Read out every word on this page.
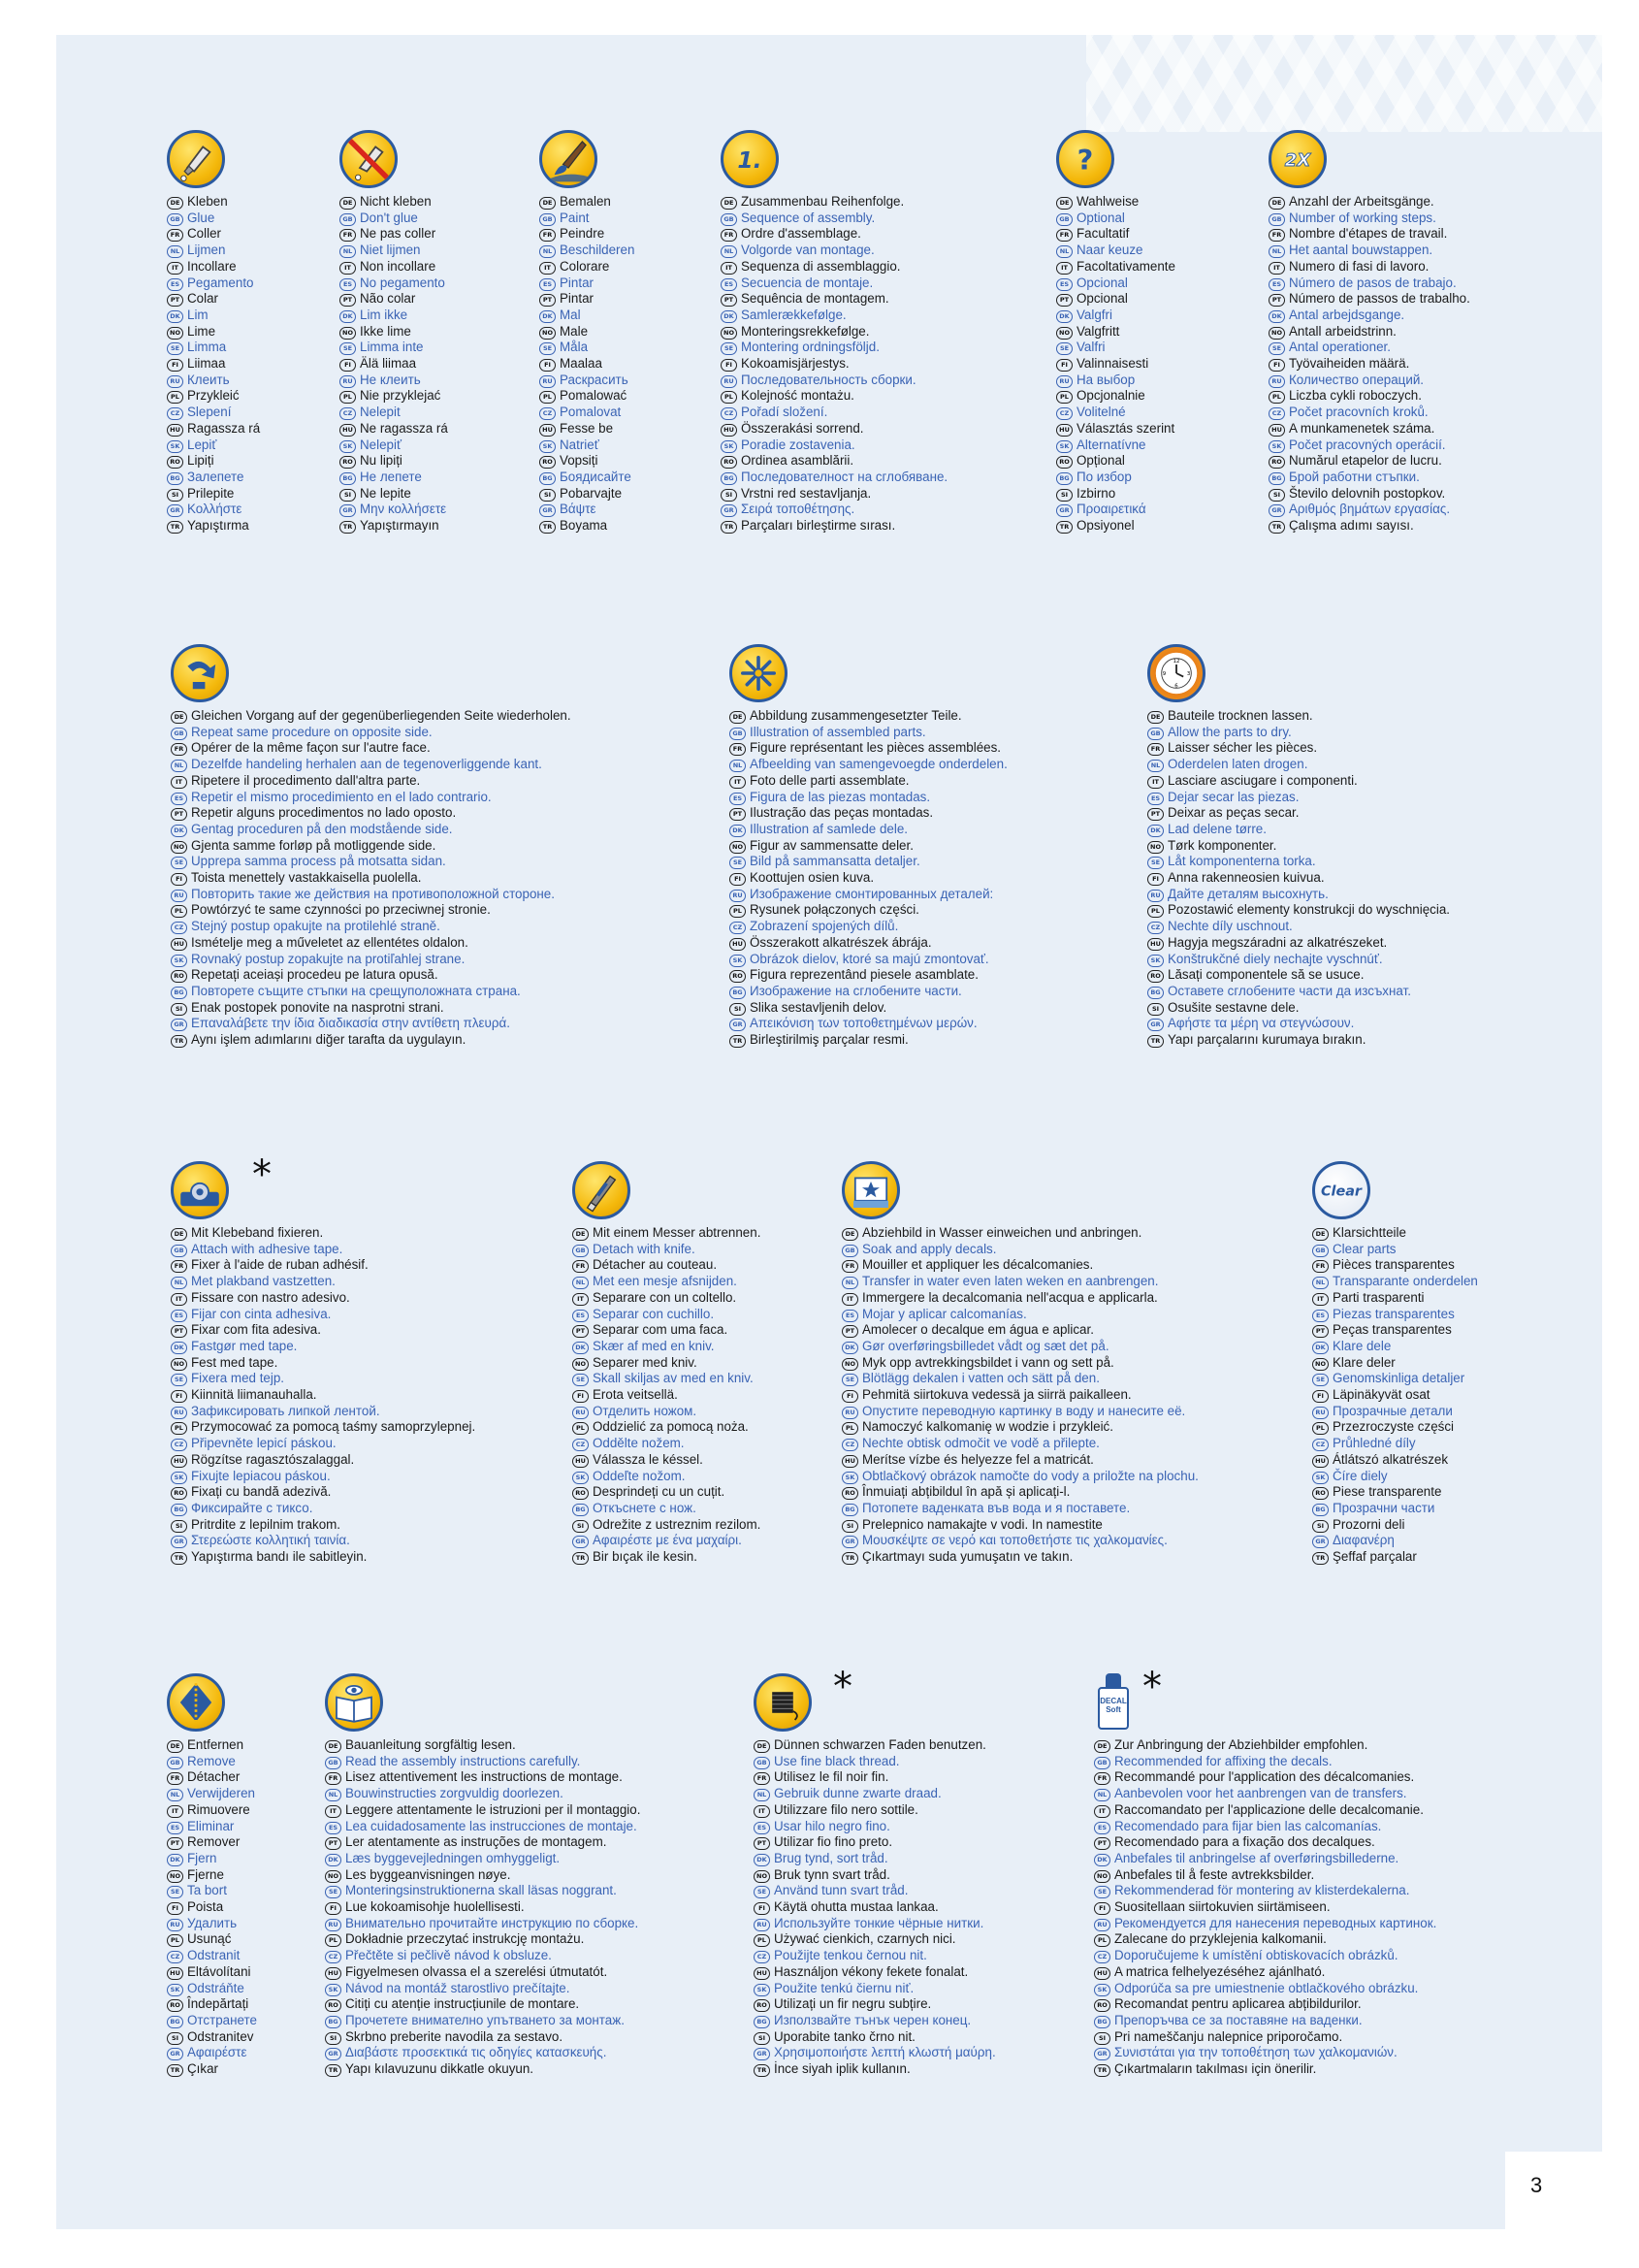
DE Kleben
GB Glue
FR Coller
NL Lijmen
IT Incollare
ES Pegamento
PT Colar
DK Lim
NO Lime
SE Limma
FI Liimaa
RU Клеить
PL Przykleić
CZ Slepení
HU Ragassza rá
SK Lepiť
RO Lipiți
BG Залепете
SI Prilepite
GR Κολλήστε
TR Yapıştırma
DE Nicht kleben
GB Don't glue
FR Ne pas coller
NL Niet lijmen
IT Non incollare
ES No pegamento
PT Não colar
DK Lim ikke
NO Ikke lime
SE Limma inte
FI Älä liimaa
RU Не клеить
PL Nie przyklejać
CZ Nelepit
HU Ne ragassza rá
SK Nelepiť
RO Nu lipiți
BG Не лепете
SI Ne lepite
GR Μην κολλήσετε
TR Yapıştırmayın
DE Bemalen
GB Paint
FR Peindre
NL Beschilderen
IT Colorare
ES Pintar
PT Pintar
DK Mal
NO Male
SE Måla
FI Maalaa
RU Раскрасить
PL Pomalować
CZ Pomalovat
HU Fesse be
SK Natrieť
RO Vopsiți
BG Боядисайте
SI Pobarvajte
GR Βάψτε
TR Boyama
1.
DE Zusammenbau Reihenfolge.
GB Sequence of assembly.
FR Ordre d'assemblage.
NL Volgorde van montage.
IT Sequenza di assemblaggio.
ES Secuencia de montaje.
PT Sequência de montagem.
DK Samlerækkefølge.
NO Monteringsrekkefølge.
SE Montering ordningsföljd.
FI Kokoamisjärjestys.
RU Последовательность сборки.
PL Kolejność montażu.
CZ Pořadí složení.
HU Összerakási sorrend.
SK Poradie zostavenia.
RO Ordinea asamblării.
BG Последователност на сглобяване.
SI Vrstni red sestavljanja.
GR Σειρά τοποθέτησης.
TR Parçaları birleştirme sırası.
?
DE Wahlweise
GB Optional
FR Facultatif
NL Naar keuze
IT Facoltativamente
ES Opcional
PT Opcional
DK Valgfri
NO Valgfritt
SE Valfri
FI Valinnaisesti
RU На выбор
PL Opcjonalnie
CZ Volitelné
HU Választás szerint
SK Alternatívne
RO Opțional
BG По избор
SI Izbirno
GR Προαιρετικά
TR Opsiyonel
2X
DE Anzahl der Arbeitsgänge.
GB Number of working steps.
FR Nombre d'étapes de travail.
NL Het aantal bouwstappen.
IT Numero di fasi di lavoro.
ES Número de pasos de trabajo.
PT Número de passos de trabalho.
DK Antal arbejdsgange.
NO Antall arbeidstrinn.
SE Antal operationer.
FI Työvaiheiden määrä.
RU Количество операций.
PL Liczba cykli roboczych.
CZ Počet pracovních kroků.
HU A munkamenetek száma.
SK Počet pracovných operácií.
RO Numărul etapelor de lucru.
BG Брой работни стъпки.
SI Število delovnih postopkov.
GR Αριθμός βημάτων εργασίας.
TR Çalışma adımı sayısı.
DE Gleichen Vorgang auf der gegenüberliegenden Seite wiederholen.
GB Repeat same procedure on opposite side.
FR Opérer de la même façon sur l'autre face.
NL Dezelfde handeling herhalen aan de tegenoverliggende kant.
IT Ripetere il procedimento dall'altra parte.
ES Repetir el mismo procedimiento en el lado contrario.
PT Repetir alguns procedimentos no lado oposto.
DK Gentag proceduren på den modstående side.
NO Gjenta samme forløp på motliggende side.
SE Upprepa samma process på motsatta sidan.
FI Toista menettely vastakkaisella puolella.
RU Повторить такие же действия на противоположной стороне.
PL Powtórzyć te same czynności po przeciwnej stronie.
CZ Stejný postup opakujte na protilehlé straně.
HU Ismételje meg a műveletet az ellentétes oldalon.
SK Rovnaký postup zopakujte na protiľahlej strane.
RO Repetați aceiași procedeu pe latura opusă.
BG Повторете същите стъпки на срещуположната страна.
SI Enak postopek ponovite na nasprotni strani.
GR Επαναλάβετε την ίδια διαδικασία στην αντίθετη πλευρά.
TR Aynı işlem adımlarını diğer tarafta da uygulayın.
DE Abbildung zusammengesetzter Teile.
GB Illustration of assembled parts.
FR Figure représentant les pièces assemblées.
NL Afbeelding van samengevoegde onderdelen.
IT Foto delle parti assemblate.
ES Figura de las piezas montadas.
PT Ilustração das peças montadas.
DK Illustration af samlede dele.
NO Figur av sammensatte deler.
SE Bild på sammansatta detaljer.
FI Koottujen osien kuva.
RU Изображение смонтированных деталей:
PL Rysunek połączonych części.
CZ Zobrazení spojených dílů.
HU Összerakott alkatrészek ábrája.
SK Obrázok dielov, ktoré sa majú zmontovať.
RO Figura reprezentând piesele asamblate.
BG Изображение на сглобените части.
SI Slika sestavljenih delov.
GR Απεικόνιση των τοποθετημένων μερών.
TR Birleştirilmiş parçalar resmi.
12
3
6
9
DE Bauteile trocknen lassen.
GB Allow the parts to dry.
FR Laisser sécher les pièces.
NL Oderdelen laten drogen.
IT Lasciare asciugare i componenti.
ES Dejar secar las piezas.
PT Deixar as peças secar.
DK Lad delene tørre.
NO Tørk komponenter.
SE Låt komponenterna torka.
FI Anna rakenneosien kuivua.
RU Дайте деталям высохнуть.
PL Pozostawić elementy konstrukcji do wyschnięcia.
CZ Nechte díly uschnout.
HU Hagyja megszáradni az alkatrészeket.
SK Konštrukčné diely nechajte vyschnúť.
RO Lăsați componentele să se usuce.
BG Оставете сглобените части да изсъхнат.
SI Osušite sestavne dele.
GR Αφήστε τα μέρη να στεγνώσουν.
TR Yapı parçalarını kurumaya bırakın.
*
DE Mit Klebeband fixieren.
GB Attach with adhesive tape.
FR Fixer à l'aide de ruban adhésif.
NL Met plakband vastzetten.
IT Fissare con nastro adesivo.
ES Fijar con cinta adhesiva.
PT Fixar com fita adesiva.
DK Fastgør med tape.
NO Fest med tape.
SE Fixera med tejp.
FI Kiinnitä liimanauhalla.
RU Зафиксировать липкой лентой.
PL Przymocować za pomocą taśmy samoprzylepnej.
CZ Připevněte lepicí páskou.
HU Rögzítse ragasztószalaggal.
SK Fixujte lepiacou páskou.
RO Fixați cu bandă adezivă.
BG Фиксирайте с тиксо.
SI Pritrdite z lepilnim trakom.
GR Στερεώστε κολλητική ταινία.
TR Yapıştırma bandı ile sabitleyin.
DE Mit einem Messer abtrennen.
GB Detach with knife.
FR Détacher au couteau.
NL Met een mesje afsnijden.
IT Separare con un coltello.
ES Separar con cuchillo.
PT Separar com uma faca.
DK Skær af med en kniv.
NO Separer med kniv.
SE Skall skiljas av med en kniv.
FI Erota veitsellä.
RU Отделить ножом.
PL Oddzielić za pomocą noża.
CZ Oddělte nožem.
HU Válassza le késsel.
SK Oddeľte nožom.
RO Desprindeți cu un cuțit.
BG Откъснете с нож.
SI Odrežite z ustreznim rezilom.
GR Αφαιρέστε με ένα μαχαίρι.
TR Bir bıçak ile kesin.
DE Abziehbild in Wasser einweichen und anbringen.
GB Soak and apply decals.
FR Mouiller et appliquer les décalcomanies.
NL Transfer in water even laten weken en aanbrengen.
IT Immergere la decalcomania nell'acqua e applicarla.
ES Mojar y aplicar calcomanías.
PT Amolecer o decalque em água e aplicar.
DK Gør overføringsbilledet vådt og sæt det på.
NO Myk opp avtrekkingsbildet i vann og sett på.
SE Blötlägg dekalen i vatten och sätt på den.
FI Pehmitä siirtokuva vedessä ja siirrä paikalleen.
RU Опустите переводную картинку в воду и нанесите её.
PL Namoczyć kalkomanię w wodzie i przykleić.
CZ Nechte obtisk odmočit ve vodě a přilepte.
HU Merítse vízbe és helyezze fel a matricát.
SK Obtlačkový obrázok namočte do vody a priložte na plochu.
RO Înmuiați abțibildul în apă și aplicați-l.
BG Потопете ваденката във вода и я поставете.
SI Prelepnico namakajte v vodi. In namestite
GR Μουσκέψτε σε νερό και τοποθετήστε τις χαλκομανίες.
TR Çıkartmayı suda yumuşatın ve takın.
Clear
DE Klarsichtteile
GB Clear parts
FR Pièces transparentes
NL Transparante onderdelen
IT Parti trasparenti
ES Piezas transparentes
PT Peças transparentes
DK Klare dele
NO Klare deler
SE Genomskinliga detaljer
FI Läpinäkyvät osat
RU Прозрачные детали
PL Przezroczyste części
CZ Průhledné díly
HU Átlátszó alkatrészek
SK Číre diely
RO Piese transparente
BG Прозрачни части
SI Prozorni deli
GR Διαφανέρη
TR Şeffaf parçalar
DE Entfernen
GB Remove
FR Détacher
NL Verwijderen
IT Rimuovere
ES Eliminar
PT Remover
DK Fjern
NO Fjerne
SE Ta bort
FI Poista
RU Удалить
PL Usunąć
CZ Odstranit
HU Eltávolítani
SK Odstráňte
RO Îndepărtați
BG Отстранете
SI Odstranitev
GR Αφαιρέστε
TR Çıkar
DE Bauanleitung sorgfältig lesen.
GB Read the assembly instructions carefully.
FR Lisez attentivement les instructions de montage.
NL Bouwinstructies zorgvuldig doorlezen.
IT Leggere attentamente le istruzioni per il montaggio.
ES Lea cuidadosamente las instrucciones de montaje.
PT Ler atentamente as instruções de montagem.
DK Læs byggevejledningen omhyggeligt.
NO Les byggeanvisningen nøye.
SE Monteringsinstruktionerna skall läsas noggrant.
FI Lue kokoamisohje huolellisesti.
RU Внимательно прочитайте инструкцию по сборке.
PL Dokładnie przeczytać instrukcję montażu.
CZ Přečtěte si pečlivě návod k obsluze.
HU Figyelmesen olvassa el a szerelési útmutatót.
SK Návod na montáž starostlivo prečítajte.
RO Citiți cu atenție instrucțiunile de montare.
BG Прочетете внимателно упътването за монтаж.
SI Skrbno preberite navodila za sestavo.
GR Διαβάστε προσεκτικά τις οδηγίες κατασκευής.
TR Yapı kılavuzunu dikkatle okuyun.
*
DE Dünnen schwarzen Faden benutzen.
GB Use fine black thread.
FR Utilisez le fil noir fin.
NL Gebruik dunne zwarte draad.
IT Utilizzare filo nero sottile.
ES Usar hilo negro fino.
PT Utilizar fio fino preto.
DK Brug tynd, sort tråd.
NO Bruk tynn svart tråd.
SE Använd tunn svart tråd.
FI Käytä ohutta mustaa lankaa.
RU Используйте тонкие чёрные нитки.
PL Używać cienkich, czarnych nici.
CZ Použijte tenkou černou nit.
HU Használjon vékony fekete fonalat.
SK Použite tenkú čiernu niť.
RO Utilizați un fir negru subțire.
BG Използвайте тънък черен конец.
SI Uporabite tanko črno nit.
GR Χρησιμοποιήστε λεπτή κλωστή μαύρη.
TR İnce siyah iplik kullanın.
DECAL Soft
*
DE Zur Anbringung der Abziehbilder empfohlen.
GB Recommended for affixing the decals.
FR Recommandé pour l'application des décalcomanies.
NL Aanbevolen voor het aanbrengen van de transfers.
IT Raccomandato per l'applicazione delle decalcomanie.
ES Recomendado para fijar bien las calcomanías.
PT Recomendado para a fixação dos decalques.
DK Anbefales til anbringelse af overføringsbillederne.
NO Anbefales til å feste avtrekksbilder.
SE Rekommenderad för montering av klisterdekalerna.
FI Suositellaan siirtokuvien siirtämiseen.
RU Рекомендуется для нанесения переводных картинок.
PL Zalecane do przyklejenia kalkomanii.
CZ Doporučujeme k umístění obtiskovacích obrázků.
HU A matrica felhelyezéséhez ajánlható.
SK Odporúča sa pre umiestnenie obtlačkového obrázku.
RO Recomandat pentru aplicarea abțibildurilor.
BG Препоръчва се за поставяне на ваденки.
SI Pri nameščanju nalepnice priporočamo.
GR Συνιστάται για την τοποθέτηση των χαλκομανιών.
TR Çıkartmaların takılması için önerilir.
3
